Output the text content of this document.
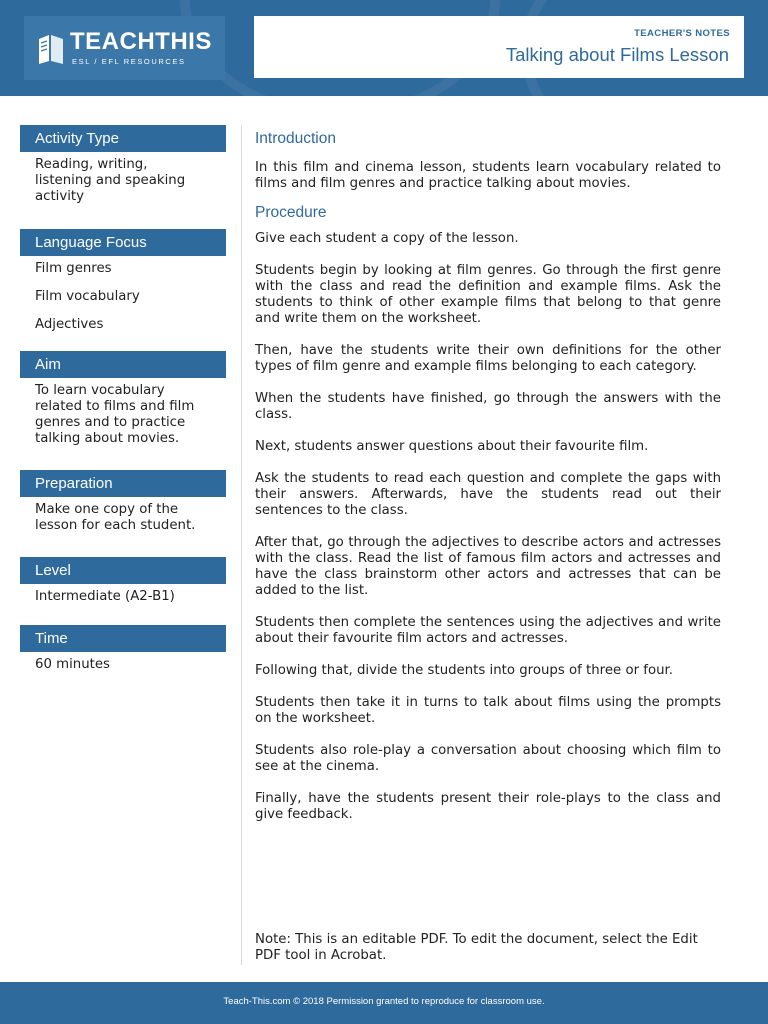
TEACHTHIS
ESL / EFL RESOURCES
TEACHER'S NOTES
Talking about Films Lesson
Activity Type
Reading, writing,
listening and speaking
activity
Language Focus
Film genres
Film vocabulary
Adjectives
Aim
To learn vocabulary
related to films and film
genres and to practice
talking about movies.
Preparation
Make one copy of the
lesson for each student.
Level
Intermediate (A2-B1)
Time
60 minutes
Introduction

In this film and cinema lesson, students learn vocabulary related to films and film genres and practice talking about movies.

Procedure

Give each student a copy of the lesson.

Students begin by looking at film genres. Go through the first genre with the class and read the definition and example films. Ask the students to think of other example films that belong to that genre and write them on the worksheet.

Then, have the students write their own definitions for the other types of film genre and example films belonging to each category.

When the students have finished, go through the answers with the class.

Next, students answer questions about their favourite film.

Ask the students to read each question and complete the gaps with their answers. Afterwards, have the students read out their sentences to the class.

After that, go through the adjectives to describe actors and actresses with the class. Read the list of famous film actors and actresses and have the class brainstorm other actors and actresses that can be added to the list.

Students then complete the sentences using the adjectives and write about their favourite film actors and actresses.

Following that, divide the students into groups of three or four.

Students then take it in turns to talk about films using the prompts on the worksheet.

Students also role-play a conversation about choosing which film to see at the cinema.

Finally, have the students present their role-plays to the class and give feedback.

Note: This is an editable PDF. To edit the document, select the Edit PDF tool in Acrobat.
Teach-This.com © 2018 Permission granted to reproduce for classroom use.
